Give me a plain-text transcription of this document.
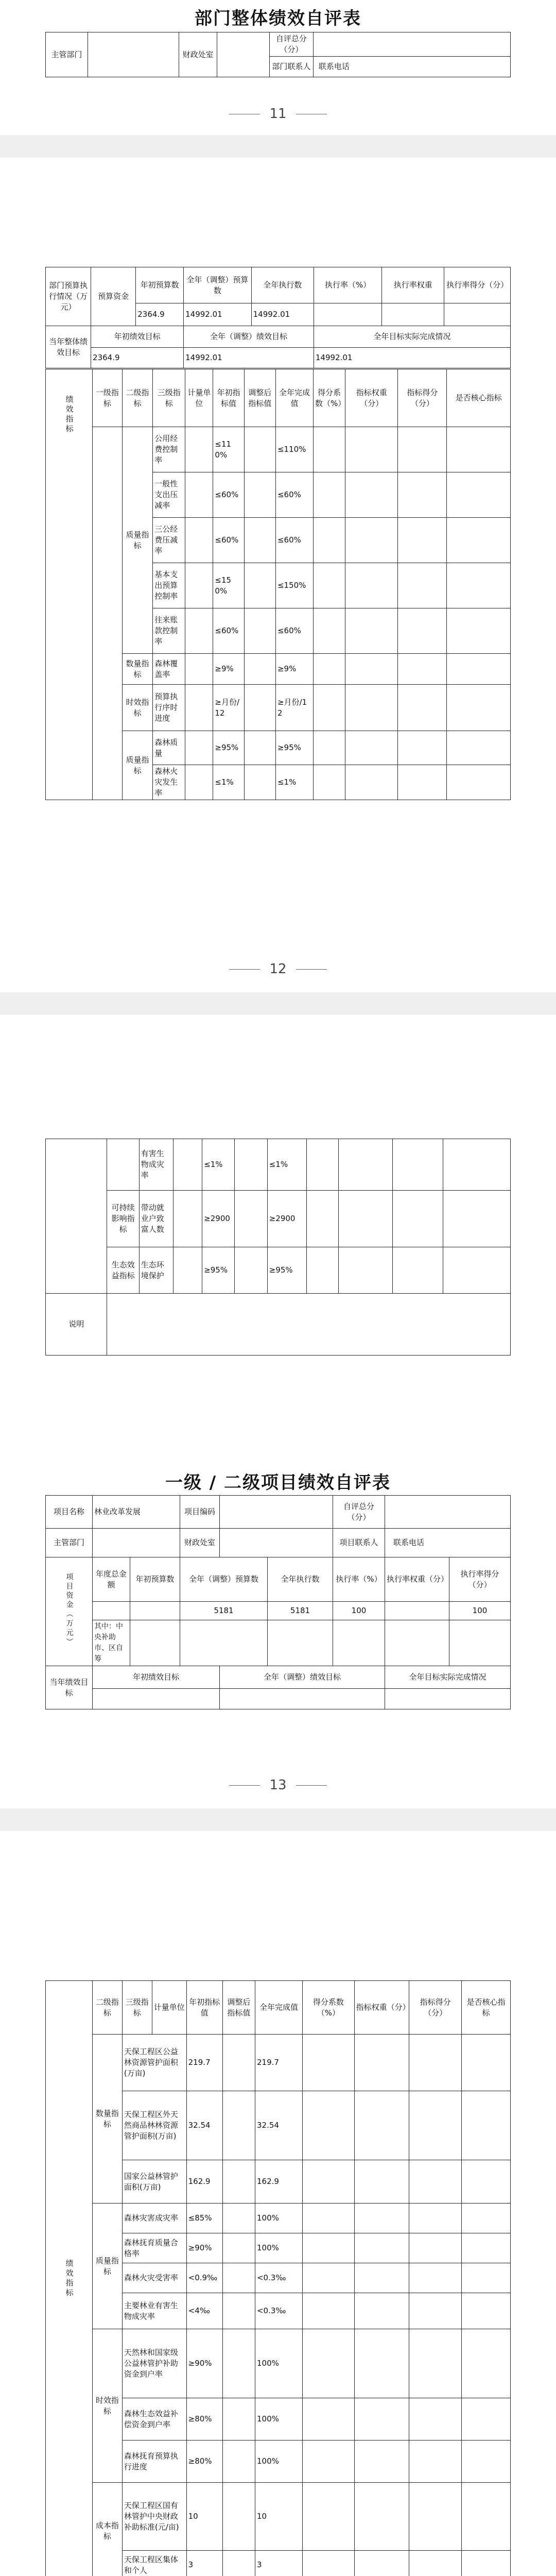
部门整体绩效自评表
主管部门		财政处室		自评总分（分）	
				部门联系人	联系电话
11
部门预算执行情况（万元）	预算资金	年初预算数	全年（调整）预算数	全年执行数	执行率（%）	执行率权重	执行率得分（分）
		2364.9	14992.01	14992.01			
当年整体绩效目标	年初绩效目标		全年（调整）绩效目标		全年目标实际完成情况		
	2364.9		14992.01		14992.01		
绩效指标	一级指标	二级指标	三级指标	计量单位	年初指标值	调整后指标值	全年完成值	得分系数（%）	指标权重（分）	指标得分（分）	是否核心指标
		质量指标	公用经费控制率		≤110%		≤110%				
			一般性支出压减率		≤60%		≤60%				
			三公经费压减率		≤60%		≤60%				
			基本支出预算控制率		≤150%		≤150%				
			往来账款控制率		≤60%		≤60%				
		数量指标	森林覆盖率		≥9%		≥9%				
		时效指标	预算执行序时进度		≥月份/12		≥月份/12				
		质量指标	森林质量		≥95%		≥95%				
			森林火灾发生率		≤1%		≤1%				
12
		有害生物成灾率		≤1%		≤1%				
	可持续影响指标	带动就业户致富人数		≥2900		≥2900				
	生态效益指标	生态环境保护		≥95%		≥95%				
说明										
一级 / 二级项目绩效自评表
项目名称	林业改革发展		项目编码			自评总分（分）		
主管部门			财政处室			项目联系人	联系电话	
项目资金（万元）	年度总金额	年初预算数	全年（调整）预算数		全年执行数	执行率（%）	执行率权重（分）	执行率得分（分）
			5181		5181	100		100

	其中：中央补助
市、区自筹							

当年绩效目标	年初绩效目标			全年（调整）绩效目标			全年目标实际完成情况	

13
绩效指标	二级指标	三级指标	计量单位	年初指标值	调整后指标值	全年完成值	得分系数（%）	指标权重（分）	指标得分（分）	是否核心指标
	数量指标	天保工程区公益林资源管护面积(万亩)		219.7		219.7				
		天保工程区外天然商品林林资源管护面积(万亩)		32.54		32.54				
		国家公益林管护面积(万亩)		162.9		162.9				
	质量指标	森林灾害成灾率		≤85%		100%				
		森林抚育质量合格率		≥90%		100%				
		森林火灾受害率		<0.9‰		<0.3‰				
		主要林业有害生物成灾率		<4‰		<0.3‰				
	时效指标	天然林和国家级公益林管护补助资金到户率		≥90%		100%				
		森林生态效益补偿资金到户率		≥80%		100%				
		森林抚育预算执行进度		≥80%		100%				
	成本指标	天保工程区国有林管护中央财政补助标准(元/亩)		10		10				
		天保工程区集体和个人		3		3				
